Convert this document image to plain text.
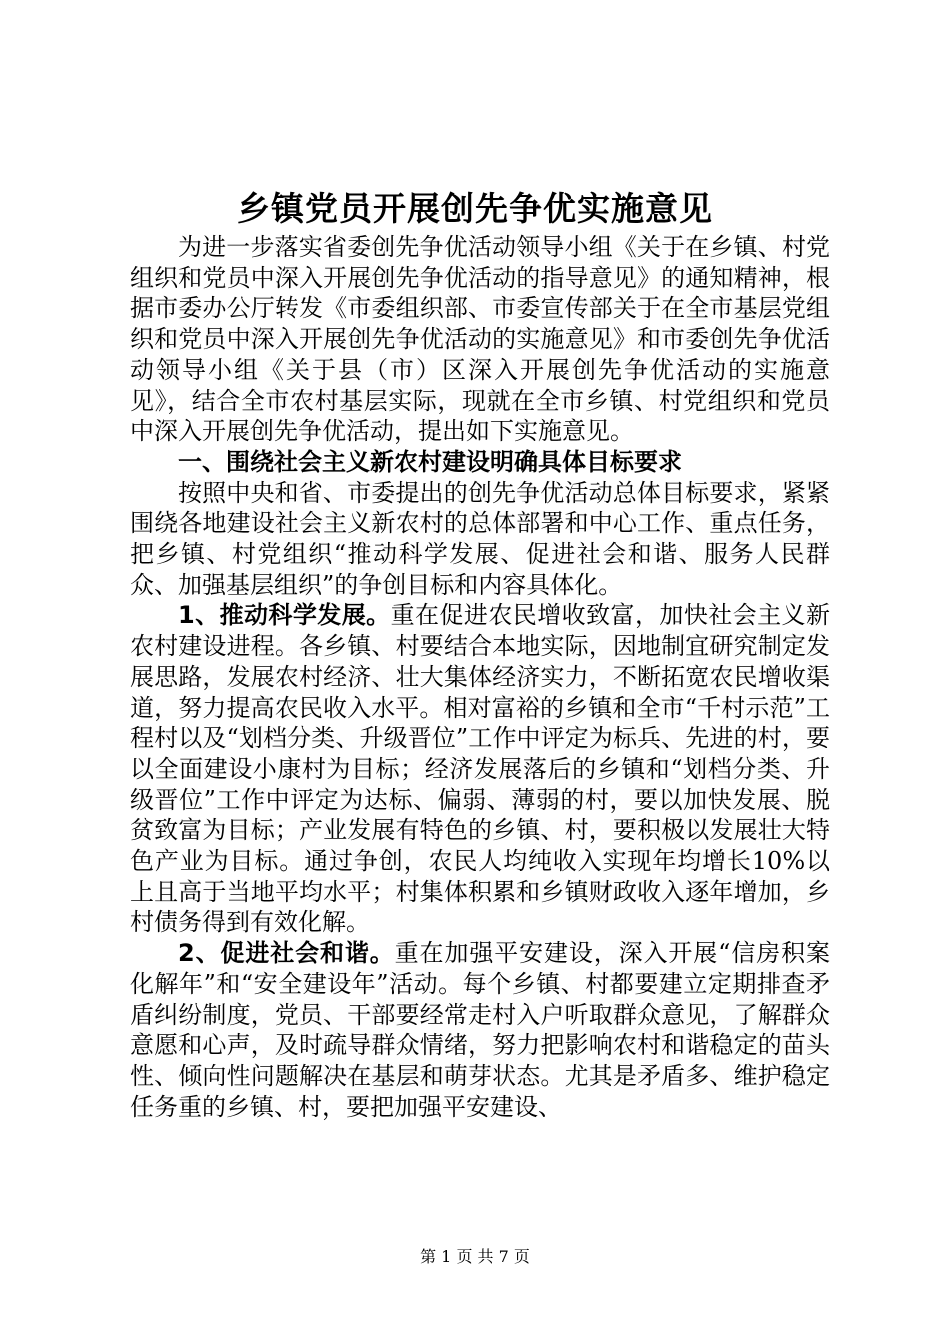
乡镇党员开展创先争优实施意见

为进一步落实省委创先争优活动领导小组《关于在乡镇、村党组织和党员中深入开展创先争优活动的指导意见》的通知精神，根据市委办公厅转发《市委组织部、市委宣传部关于在全市基层党组织和党员中深入开展创先争优活动的实施意见》和市委创先争优活动领导小组《关于县（市）区深入开展创先争优活动的实施意见》，结合全市农村基层实际，现就在全市乡镇、村党组织和党员中深入开展创先争优活动，提出如下实施意见。

一、围绕社会主义新农村建设明确具体目标要求

按照中央和省、市委提出的创先争优活动总体目标要求，紧紧围绕各地建设社会主义新农村的总体部署和中心工作、重点任务，把乡镇、村党组织“推动科学发展、促进社会和谐、服务人民群众、加强基层组织”的争创目标和内容具体化。

1、推动科学发展。重在促进农民增收致富，加快社会主义新农村建设进程。各乡镇、村要结合本地实际，因地制宜研究制定发展思路，发展农村经济、壮大集体经济实力，不断拓宽农民增收渠道，努力提高农民收入水平。相对富裕的乡镇和全市“千村示范”工程村以及“划档分类、升级晋位”工作中评定为标兵、先进的村，要以全面建设小康村为目标；经济发展落后的乡镇和“划档分类、升级晋位”工作中评定为达标、偏弱、薄弱的村，要以加快发展、脱贫致富为目标；产业发展有特色的乡镇、村，要积极以发展壮大特色产业为目标。通过争创，农民人均纯收入实现年均增长10%以上且高于当地平均水平；村集体积累和乡镇财政收入逐年增加，乡村债务得到有效化解。

2、促进社会和谐。重在加强平安建设，深入开展“信房积案化解年”和“安全建设年”活动。每个乡镇、村都要建立定期排查矛盾纠纷制度，党员、干部要经常走村入户听取群众意见，了解群众意愿和心声，及时疏导群众情绪，努力把影响农村和谐稳定的苗头性、倾向性问题解决在基层和萌芽状态。尤其是矛盾多、维护稳定任务重的乡镇、村，要把加强平安建设、

第 1 页 共 7 页
